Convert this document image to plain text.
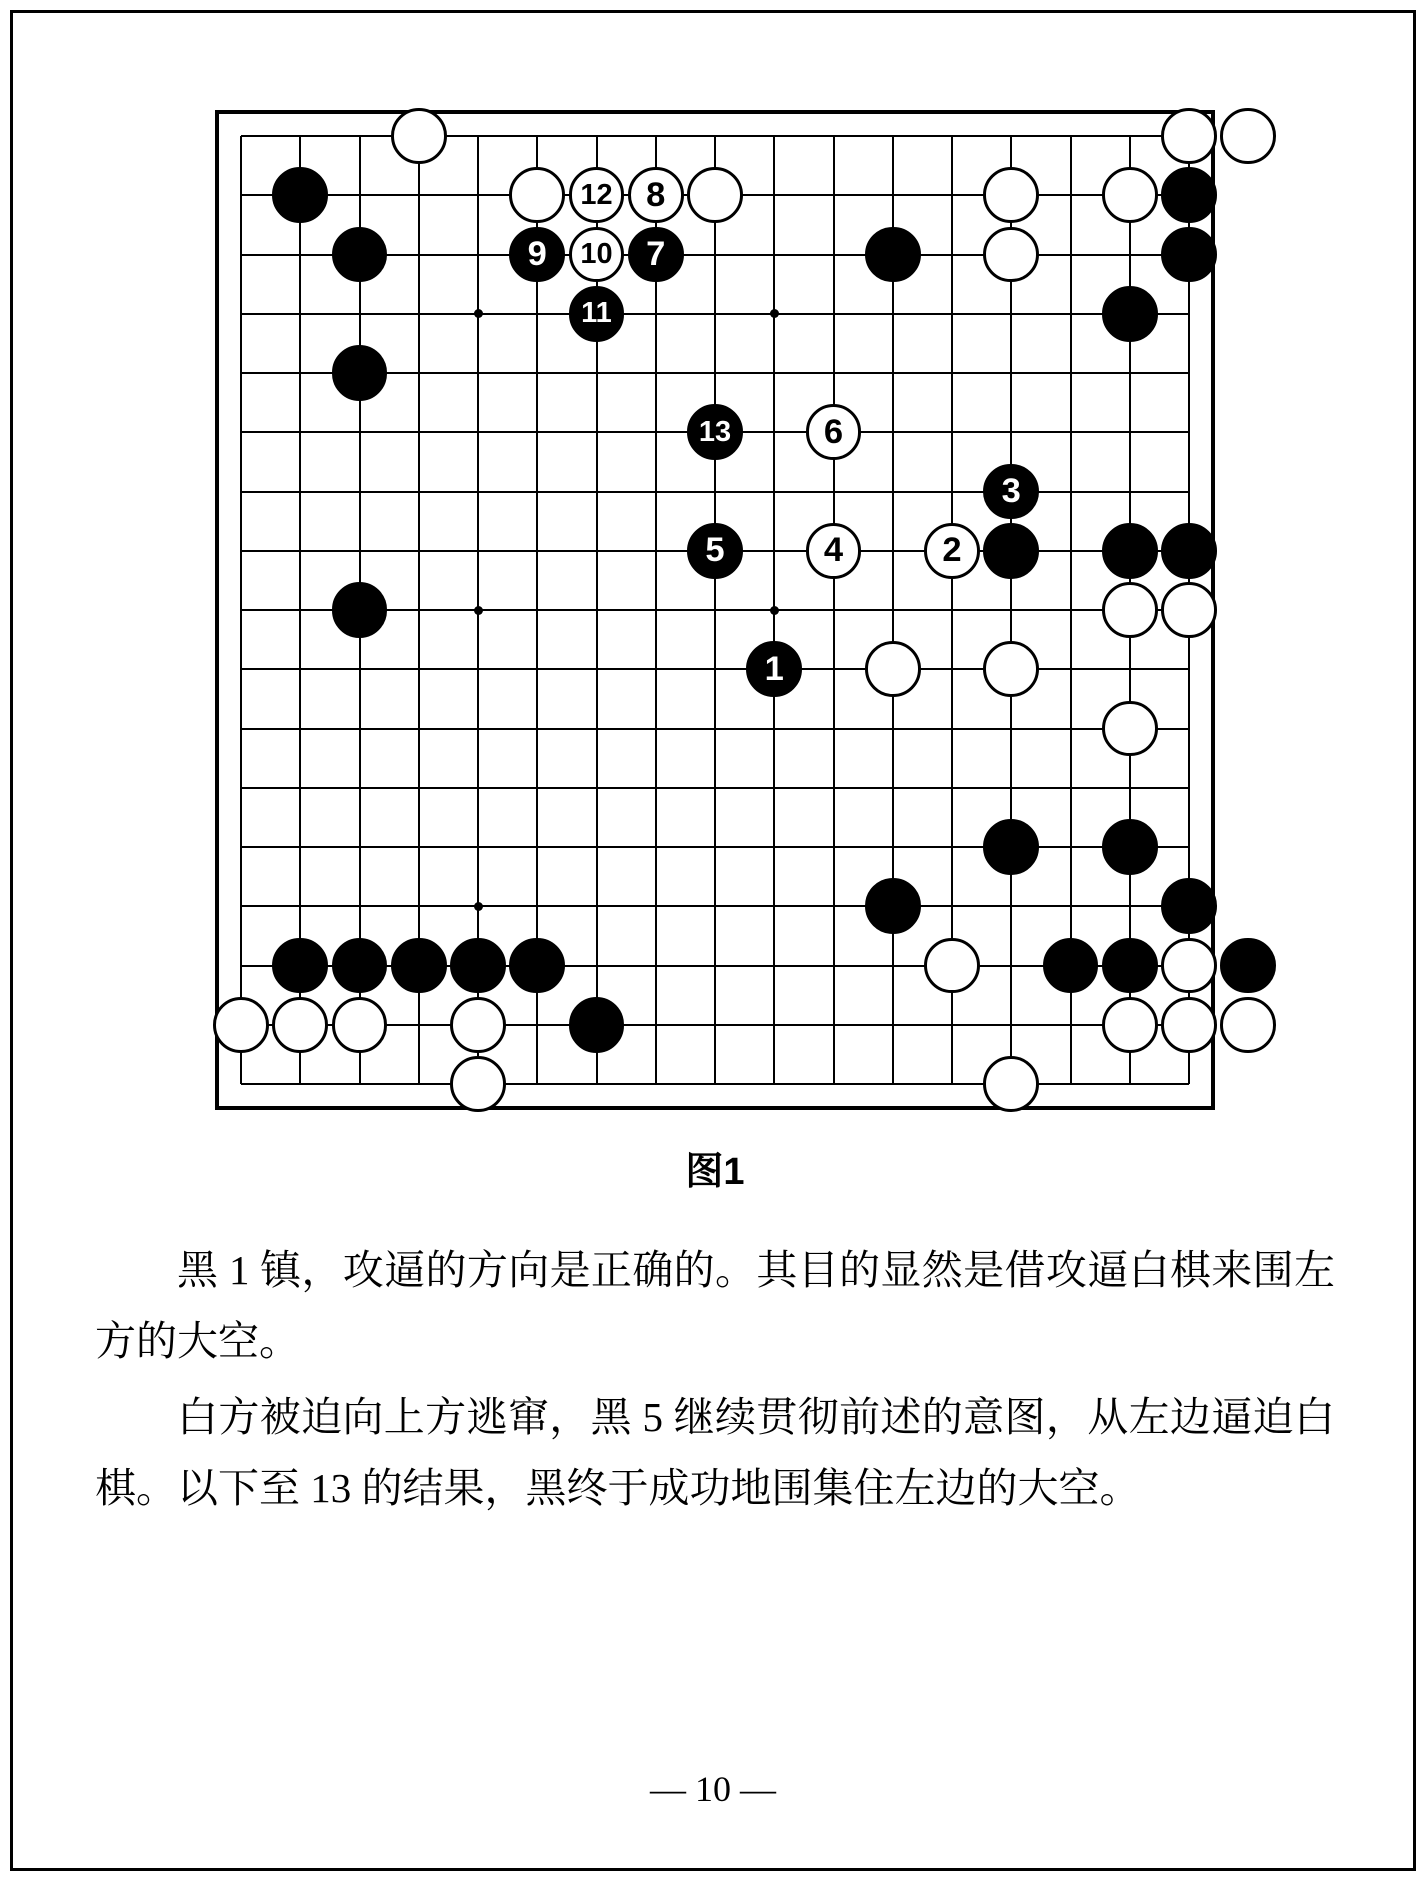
12 8
9	10 7
11
13	6
3
5	4	2
1
图1

黑 1 镇，攻逼的方向是正确的。其目的显然是借攻逼白棋来围左方的大空。

白方被迫向上方逃窜，黑 5 继续贯彻前述的意图，从左边逼迫白棋。以下至 13 的结果，黑终于成功地围集住左边的大空。

— 10 —
